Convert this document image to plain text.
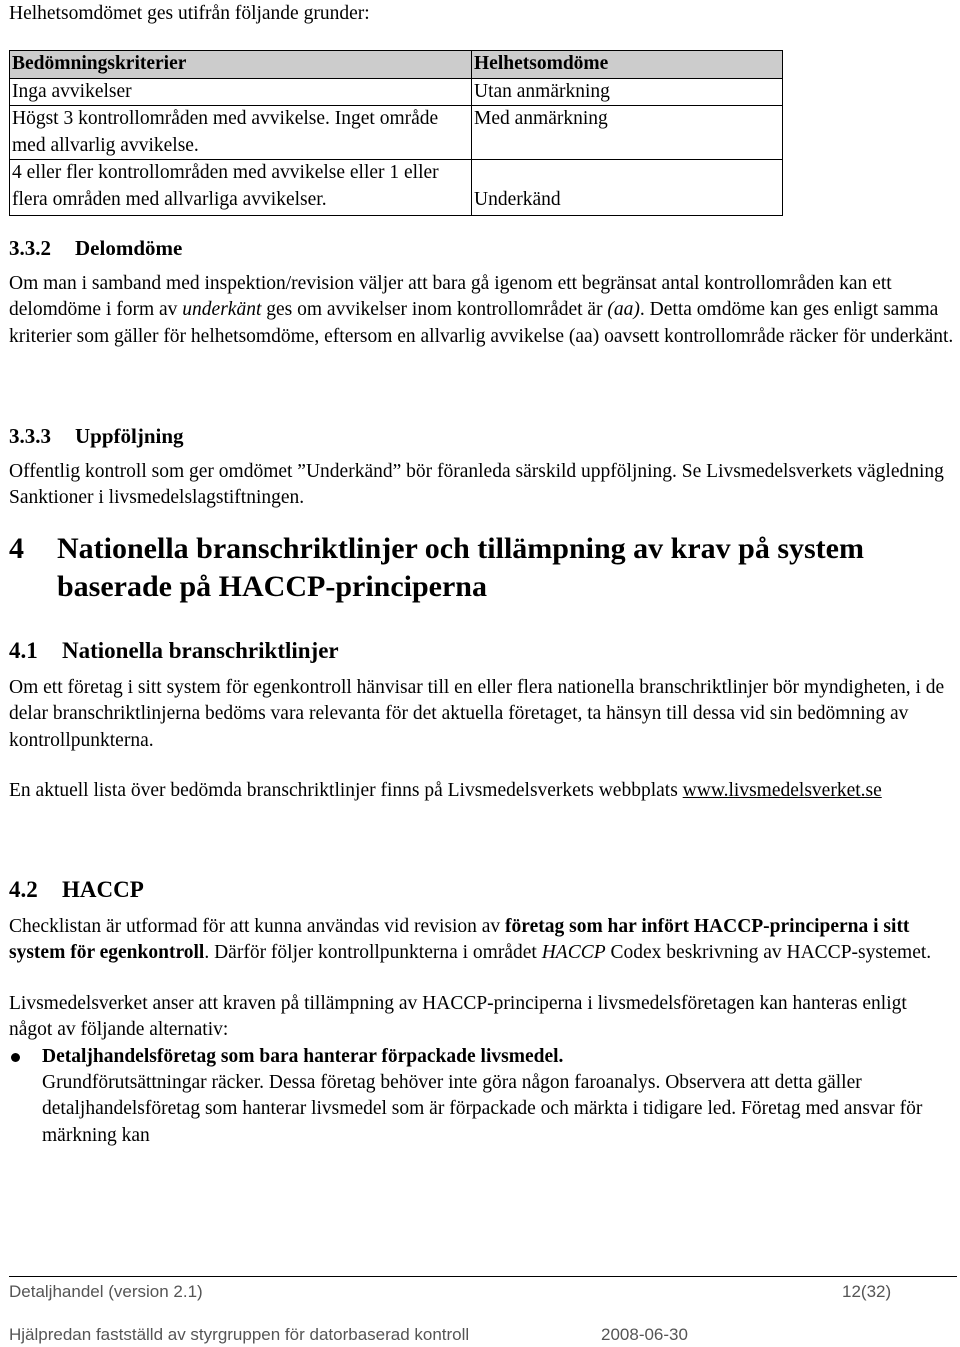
Helhetsomdömet ges utifrån följande grunder:

Bedömningskriterier	Helhetsomdöme
Inga avvikelser	Utan anmärkning
Högst 3 kontrollområden med avvikelse. Inget område med allvarlig avvikelse.	Med anmärkning
4 eller fler kontrollområden med avvikelse eller 1 eller flera områden med allvarliga avvikelser.	Underkänd
3.3.2 Delomdöme

Om man i samband med inspektion/revision väljer att bara gå igenom ett begränsat antal kontrollområden kan ett delomdöme i form av underkänt ges om avvikelser inom kontrollområdet är (aa). Detta omdöme kan ges enligt samma kriterier som gäller för helhetsomdöme, eftersom en allvarlig avvikelse (aa) oavsett kontrollområde räcker för underkänt.

3.3.3 Uppföljning

Offentlig kontroll som ger omdömet ”Underkänd” bör föranleda särskild uppföljning. Se Livsmedelsverkets vägledning Sanktioner i livsmedelslagstiftningen.

4 Nationella branschriktlinjer och tillämpning av krav på system baserade på HACCP-principerna
4.1 Nationella branschriktlinjer

Om ett företag i sitt system för egenkontroll hänvisar till en eller flera nationella branschriktlinjer bör myndigheten, i de delar branschriktlinjerna bedöms vara relevanta för det aktuella företaget, ta hänsyn till dessa vid sin bedömning av kontrollpunkterna.

En aktuell lista över bedömda branschriktlinjer finns på Livsmedelsverkets webbplats www.livsmedelsverket.se

4.2 HACCP

Checklistan är utformad för att kunna användas vid revision av företag som har infört HACCP-principerna i sitt system för egenkontroll. Därför följer kontrollpunkterna i området HACCP Codex beskrivning av HACCP-systemet.

Livsmedelsverket anser att kraven på tillämpning av HACCP-principerna i livsmedelsföretagen kan hanteras enligt något av följande alternativ:

Detaljhandelsföretag som bara hanterar förpackade livsmedel.
Grundförutsättningar räcker. Dessa företag behöver inte göra någon faroanalys. Observera att detta gäller detaljhandelsföretag som hanterar livsmedel som är förpackade och märkta i tidigare led. Företag med ansvar för märkning kan
Detaljhandel (version 2.1)	12(32)
Hjälpredan fastställd av styrgruppen för datorbaserad kontroll	2008-06-30
